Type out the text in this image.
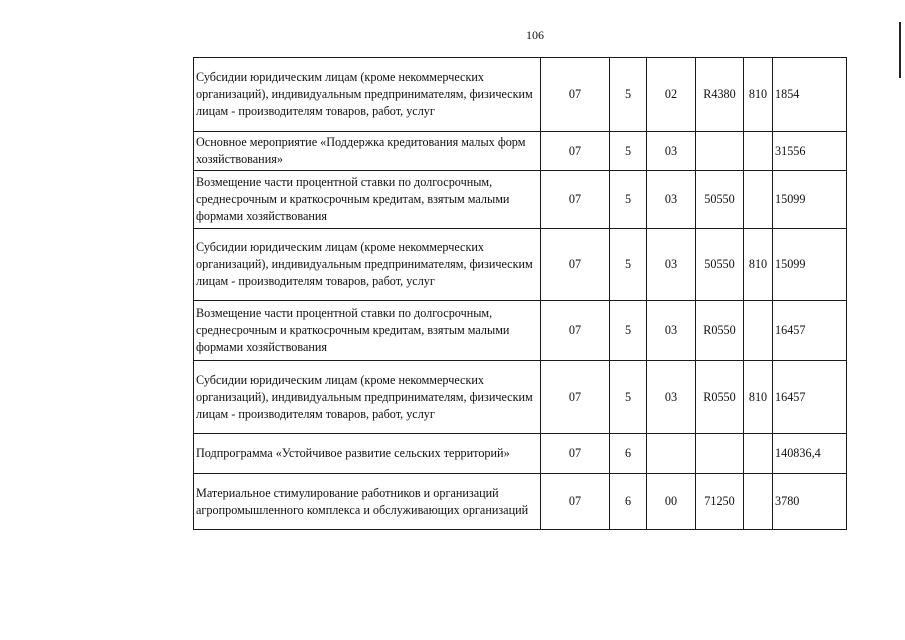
106
Субсидии юридическим лицам (кроме некоммерческих организаций), индивидуальным предпринимателям, физическим лицам - производителям товаров, работ, услуг	07	5	02	R4380	810	1854

Основное мероприятие «Поддержка кредитования малых форм хозяйствования»	07	5	03			31556

Возмещение части процентной ставки по долгосрочным, среднесрочным и краткосрочным кредитам, взятым малыми формами хозяйствования	07	5	03	50550		15099

Субсидии юридическим лицам (кроме некоммерческих организаций), индивидуальным предпринимателям, физическим лицам - производителям товаров, работ, услуг	07	5	03	50550	810	15099

Возмещение части процентной ставки по долгосрочным, среднесрочным и краткосрочным кредитам, взятым малыми формами хозяйствования	07	5	03	R0550		16457

Субсидии юридическим лицам (кроме некоммерческих организаций), индивидуальным предпринимателям, физическим лицам - производителям товаров, работ, услуг	07	5	03	R0550	810	16457

Подпрограмма «Устойчивое развитие сельских территорий»	07	6				140836,4

Материальное стимулирование работников и организаций агропромышленного комплекса и обслуживающих организаций	07	6	00	71250		3780
